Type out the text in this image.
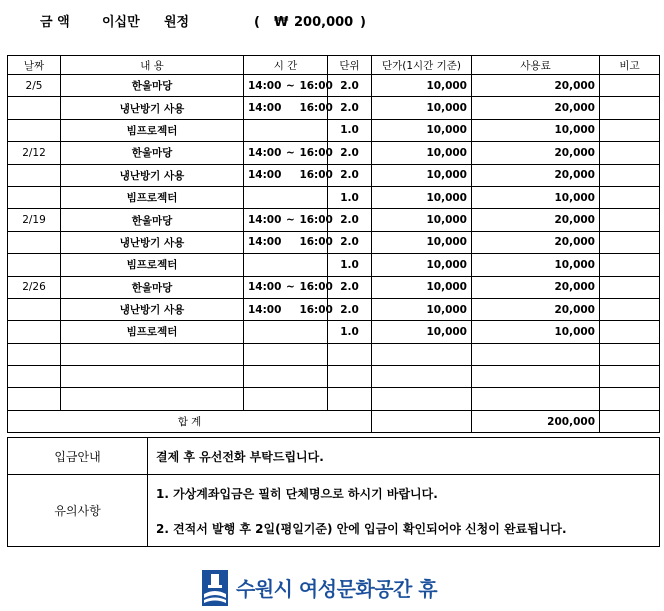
금 액 이십만 원정	( ₩ 200,000 )
날짜	내 용	시 간	단위	단가(1시간 기준)	사용료	비고
2/5	한울마당	14:00 ~ 16:00	2.0	10,000	20,000	
	냉난방기 사용	14:00 16:00	2.0	10,000	20,000	
	빔프로젝터		1.0	10,000	10,000	
2/12	한울마당	14:00 ~ 16:00	2.0	10,000	20,000	
	냉난방기 사용	14:00 16:00	2.0	10,000	20,000	
	빔프로젝터		1.0	10,000	10,000	
2/19	한울마당	14:00 ~ 16:00	2.0	10,000	20,000	
	냉난방기 사용	14:00 16:00	2.0	10,000	20,000	
	빔프로젝터		1.0	10,000	10,000	
2/26	한울마당	14:00 ~ 16:00	2.0	10,000	20,000	
	냉난방기 사용	14:00 16:00	2.0	10,000	20,000	
	빔프로젝터		1.0	10,000	10,000	

합 계					200,000	
입금안내	결제 후 유선전화 부탁드립니다.
유의사항	1. 가상계좌입금은 필히 단체명으로 하시기 바랍니다.
2. 견적서 발행 후 2일(평일기준) 안에 입금이 확인되어야 신청이 완료됩니다.
수원시 여성문화공간 휴
